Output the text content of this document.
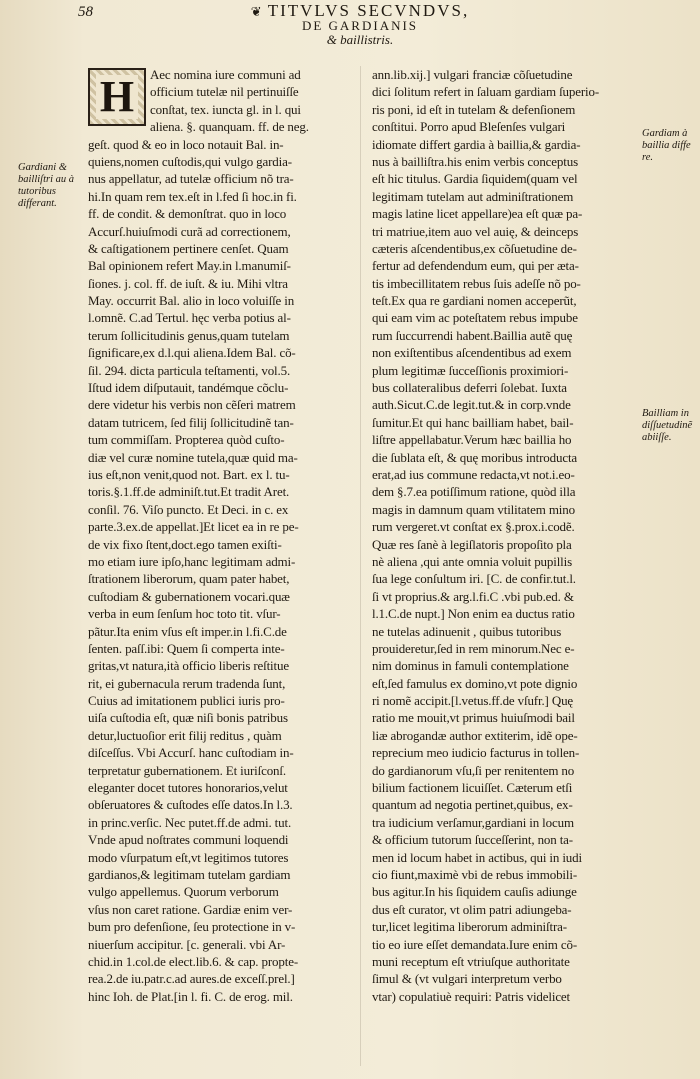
58	❦ TITVLVS SECVNDVS,
DE GARDIANIS
& baillistris.
Gardiani & bailliſtri au à tutoribus differant.
Gardiam à baillia diffe re.
Bailliam in diſſuetudinẽ abiiſſe.
Aec nomina iure communi ad
officium tutelæ nil pertinuiſſe
conſtat, tex. iuncta gl. in l. qui
aliena. §. quanquam. ff. de neg.
geſt. quod & eo in loco notauit Bal. in-
quiens,nomen cuſtodis,qui vulgo gardia-
nus appellatur, ad tutelæ officium nõ tra-
hi.In quam rem tex.eſt in l.fed ſi hoc.in fi.
ff. de condit. & demonſtrat. quo in loco
Accurſ.huiuſmodi curã ad correctionem,
& caſtigationem pertinere cenſet. Quam
Bal opinionem refert May.in l.manumiſ-
ſiones. j. col. ff. de iuſt. & iu. Mihi vltra
May. occurrit Bal. alio in loco voluiſſe in
l.omnẽ. C.ad Tertul. hęc verba potius al-
terum ſollicitudinis genus,quam tutelam
ſignificare,ex d.l.qui aliena.Idem Bal. cõ-
ſil. 294. dicta particula teſtamenti, vol.5.
Iſtud idem diſputauit, tandémque cõclu-
dere videtur his verbis non cẽſeri matrem
datam tutricem, ſed filij ſollicitudinẽ tan-
tum commiſſam. Propterea quòd cuſto-
diæ vel curæ nomine tutela,quæ quid ma-
ius eſt,non venit,quod not. Bart. ex l. tu-
toris.§.1.ff.de adminiſt.tut.Et tradit Aret.
conſil. 76. Viſo puncto. Et Deci. in c. ex
parte.3.ex.de appellat.]Et licet ea in re pe-
de vix fixo ſtent,doct.ego tamen exiſti-
mo etiam iure ipſo,hanc legitimam admi-
ſtrationem liberorum, quam pater habet,
cuſtodiam & gubernationem vocari.quæ
verba in eum ſenſum hoc toto tit. vſur-
pãtur.Ita enim vſus eſt imper.in l.fi.C.de
ſenten. paſſ.ibi: Quem ſi comperta inte-
gritas,vt natura,ità officio liberis reſtitue
rit, ei gubernacula rerum tradenda ſunt,
Cuius ad imitationem publici iuris pro-
uiſa cuſtodia eſt, quæ niſi bonis patribus
detur,luctuoſior erit filij reditus , quàm
diſceſſus. Vbi Accurſ. hanc cuſtodiam in-
terpretatur gubernationem. Et iuriſconſ.
eleganter docet tutores honorarios,velut
obſeruatores & cuſtodes eſſe datos.In l.3.
in princ.verſic. Nec putet.ff.de admi. tut.
Vnde apud noſtrates communi loquendi
modo vſurpatum eſt,vt legitimos tutores
gardianos,& legitimam tutelam gardiam
vulgo appellemus. Quorum verborum
vſus non caret ratione. Gardiæ enim ver-
bum pro defenſione, ſeu protectione in v-
niuerſum accipitur. [c. generali. vbi Ar-
chid.in 1.col.de elect.lib.6. & cap. propte-
rea.2.de iu.patr.c.ad aures.de exceſſ.prel.]
hinc Ioh. de Plat.[in l. fi. C. de erog. mil.
ann.lib.xij.] vulgari franciæ cõſuetudine
dici ſolitum refert in ſaluam gardiam ſuperio-
ris poni, id eſt in tutelam & defenſionem
conſtitui. Porro apud Bleſenſes vulgari
idiomate differt gardia à baillia,& gardia-
nus à bailliſtra.his enim verbis conceptus
eſt hic titulus. Gardia ſiquidem(quam vel
legitimam tutelam aut adminiſtrationem
magis latine licet appellare)ea eſt quæ pa-
tri matriue,item auo vel auię, & deinceps
cæteris aſcendentibus,ex cõſuetudine de-
fertur ad defendendum eum, qui per æta-
tis imbecillitatem rebus ſuis adeſſe nõ po-
teſt.Ex qua re gardiani nomen acceperũt,
qui eam vim ac poteſtatem rebus impube
rum ſuccurrendi habent.Baillia autẽ quę
non exiſtentibus aſcendentibus ad exem
plum legitimæ ſucceſſionis proximiori-
bus collateralibus deferri ſolebat. Iuxta
auth.Sicut.C.de legit.tut.& in corp.vnde
ſumitur.Et qui hanc bailliam habet, bail-
liſtre appellabatur.Verum hæc baillia ho
die ſublata eſt, & quę moribus introducta
erat,ad ius commune redacta,vt not.i.eo-
dem §.7.ea potiſſimum ratione, quòd illa
magis in damnum quam vtilitatem mino
rum vergeret.vt conſtat ex §.prox.i.codẽ.
Quæ res ſanè à legiſlatoris propoſito pla
nè aliena ,qui ante omnia voluit pupillis
ſua lege conſultum iri. [C. de confir.tut.l.
ſi vt proprius.& arg.l.fi.C .vbi pub.ed. &
l.1.C.de nupt.] Non enim ea ductus ratio
ne tutelas adinuenit , quibus tutoribus
prouideretur,ſed in rem minorum.Nec e-
nim dominus in famuli contemplatione
eſt,ſed famulus ex domino,vt pote dignio
ri nomẽ accipit.[l.vetus.ff.de vſufr.] Quę
ratio me mouit,vt primus huiuſmodi bail
liæ abrogandæ author extiterim, idẽ ope-
reprecium meo iudicio facturus in tollen-
do gardianorum vſu,ſi per renitentem no
bilium factionem licuiſſet. Cæterum etſi
quantum ad negotia pertinet,quibus, ex-
tra iudicium verſamur,gardiani in locum
& officium tutorum ſucceſſerint, non ta-
men id locum habet in actibus, qui in iudi
cio fiunt,maximè vbi de rebus immobili-
bus agitur.In his ſiquidem cauſis adiunge
dus eſt curator, vt olim patri adiungeba-
tur,licet legitima liberorum adminiſtra-
tio eo iure eſſet demandata.Iure enim cõ-
muni receptum eſt vtriuſque authoritate
ſimul & (vt vulgari interpretum verbo
vtar) copulatiuè requiri: Patris videlicet
H
